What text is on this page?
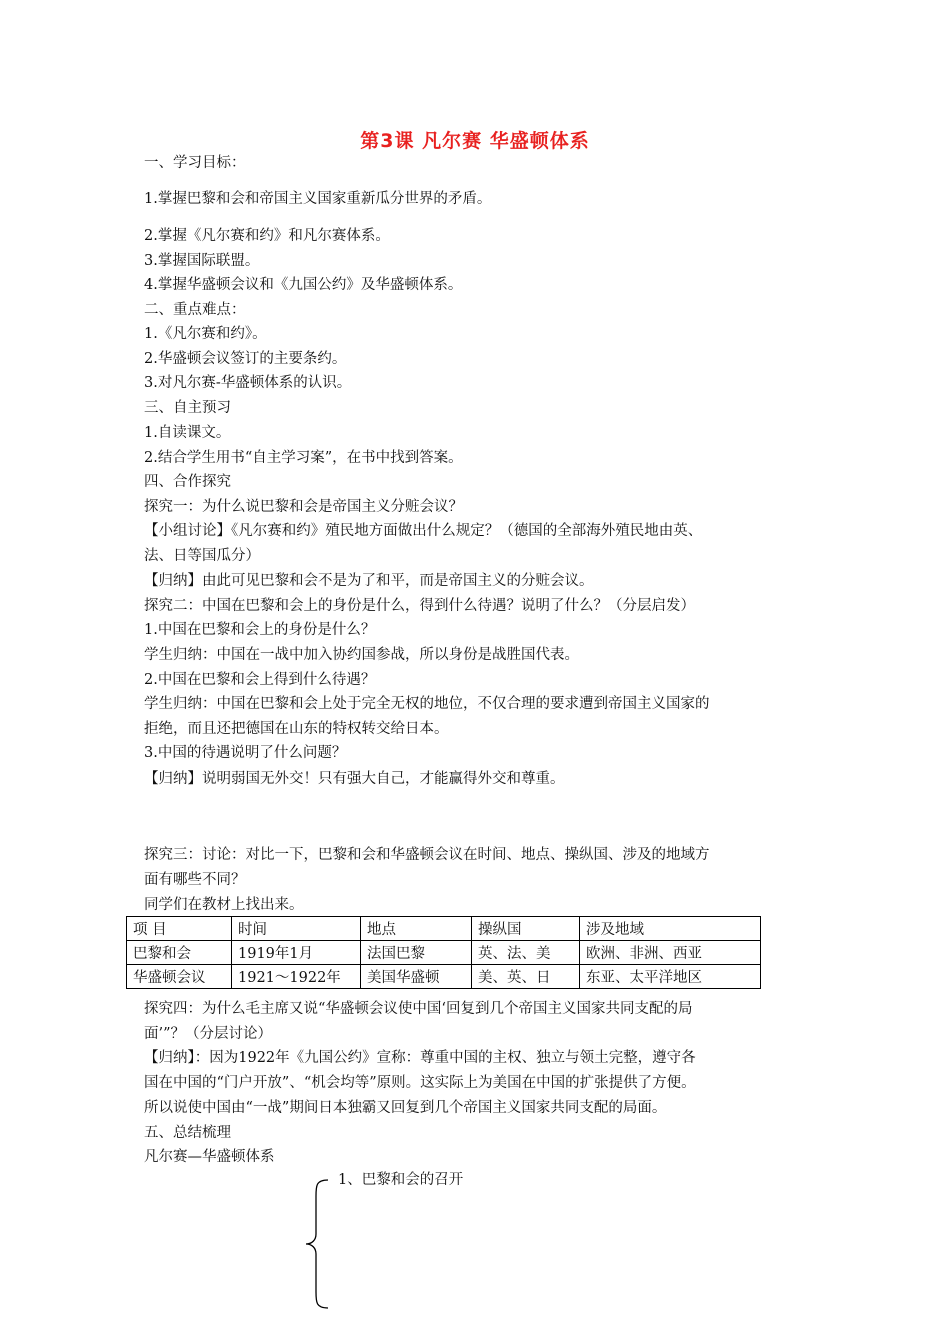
第3课 凡尔赛 华盛顿体系
一、学习目标：
1.掌握巴黎和会和帝国主义国家重新瓜分世界的矛盾。
2.掌握《凡尔赛和约》和凡尔赛体系。
3.掌握国际联盟。
4.掌握华盛顿会议和《九国公约》及华盛顿体系。
二、重点难点：
1.《凡尔赛和约》。
2.华盛顿会议签订的主要条约。
3.对凡尔赛-华盛顿体系的认识。
三、自主预习
1.自读课文。
2.结合学生用书“自主学习案”，在书中找到答案。
四、合作探究
探究一：为什么说巴黎和会是帝国主义分赃会议？
【小组讨论】《凡尔赛和约》殖民地方面做出什么规定？（德国的全部海外殖民地由英、
法、日等国瓜分）
【归纳】由此可见巴黎和会不是为了和平，而是帝国主义的分赃会议。
探究二：中国在巴黎和会上的身份是什么，得到什么待遇？说明了什么？（分层启发）
1.中国在巴黎和会上的身份是什么？
学生归纳：中国在一战中加入协约国参战，所以身份是战胜国代表。
2.中国在巴黎和会上得到什么待遇？
学生归纳：中国在巴黎和会上处于完全无权的地位，不仅合理的要求遭到帝国主义国家的
拒绝，而且还把德国在山东的特权转交给日本。
3.中国的待遇说明了什么问题？
【归纳】说明弱国无外交！只有强大自己，才能赢得外交和尊重。
探究三：讨论：对比一下，巴黎和会和华盛顿会议在时间、地点、操纵国、涉及的地域方
面有哪些不同？
同学们在教材上找出来。
项 目	时间	地点	操纵国	涉及地域
巴黎和会	1919年1月	法国巴黎	英、法、美	欧洲、非洲、西亚
华盛顿会议	1921～1922年	美国华盛顿	美、英、日	东亚、太平洋地区
探究四：为什么毛主席又说“华盛顿会议使中国‘回复到几个帝国主义国家共同支配的局
面’”？（分层讨论）
【归纳】：因为1922年《九国公约》宣称：尊重中国的主权、独立与领土完整，遵守各
国在中国的“门户开放”、“机会均等”原则。这实际上为美国在中国的扩张提供了方便。
所以说使中国由“一战”期间日本独霸又回复到几个帝国主义国家共同支配的局面。
五、总结梳理
凡尔赛—华盛顿体系
1、巴黎和会的召开
